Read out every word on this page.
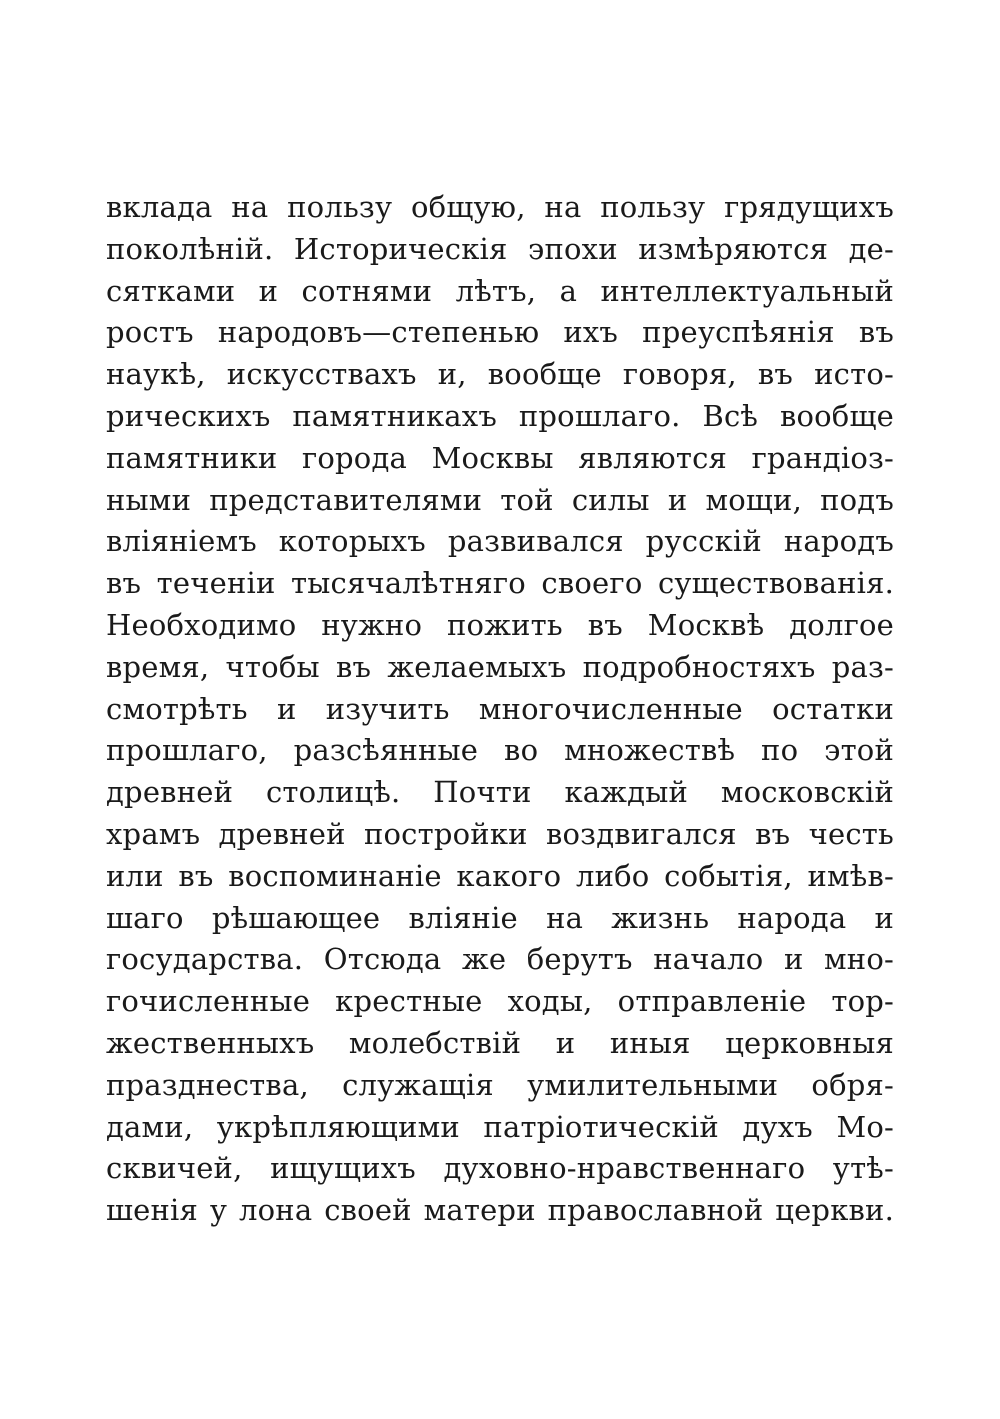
вклада на пользу общую, на пользу грядущихъ
поколѣній. Историческія эпохи измѣряются де-
сятками и сотнями лѣтъ, а интеллектуальный
ростъ народовъ—степенью ихъ преуспѣянія въ
наукѣ, искусствахъ и, вообще говоря, въ исто-
рическихъ памятникахъ прошлаго. Всѣ вообще
памятники города Москвы являются грандіоз-
ными представителями той силы и мощи, подъ
вліяніемъ которыхъ развивался русскій народъ
въ теченіи тысячалѣтняго своего существованія.
Необходимо нужно пожить въ Москвѣ долгое
время, чтобы въ желаемыхъ подробностяхъ раз-
смотрѣть и изучить многочисленные остатки
прошлаго, разсѣянные во множествѣ по этой
древней столицѣ. Почти каждый московскій
храмъ древней постройки воздвигался въ честь
или въ воспоминаніе какого либо событія, имѣв-
шаго рѣшающее вліяніе на жизнь народа и
государства. Отсюда же берутъ начало и мно-
гочисленные крестные ходы, отправленіе тор-
жественныхъ молебствій и иныя церковныя
празднества, служащія умилительными обря-
дами, укрѣпляющими патріотическій духъ Мо-
сквичей, ищущихъ духовно-нравственнаго утѣ-
шенія у лона своей матери православной церкви.
